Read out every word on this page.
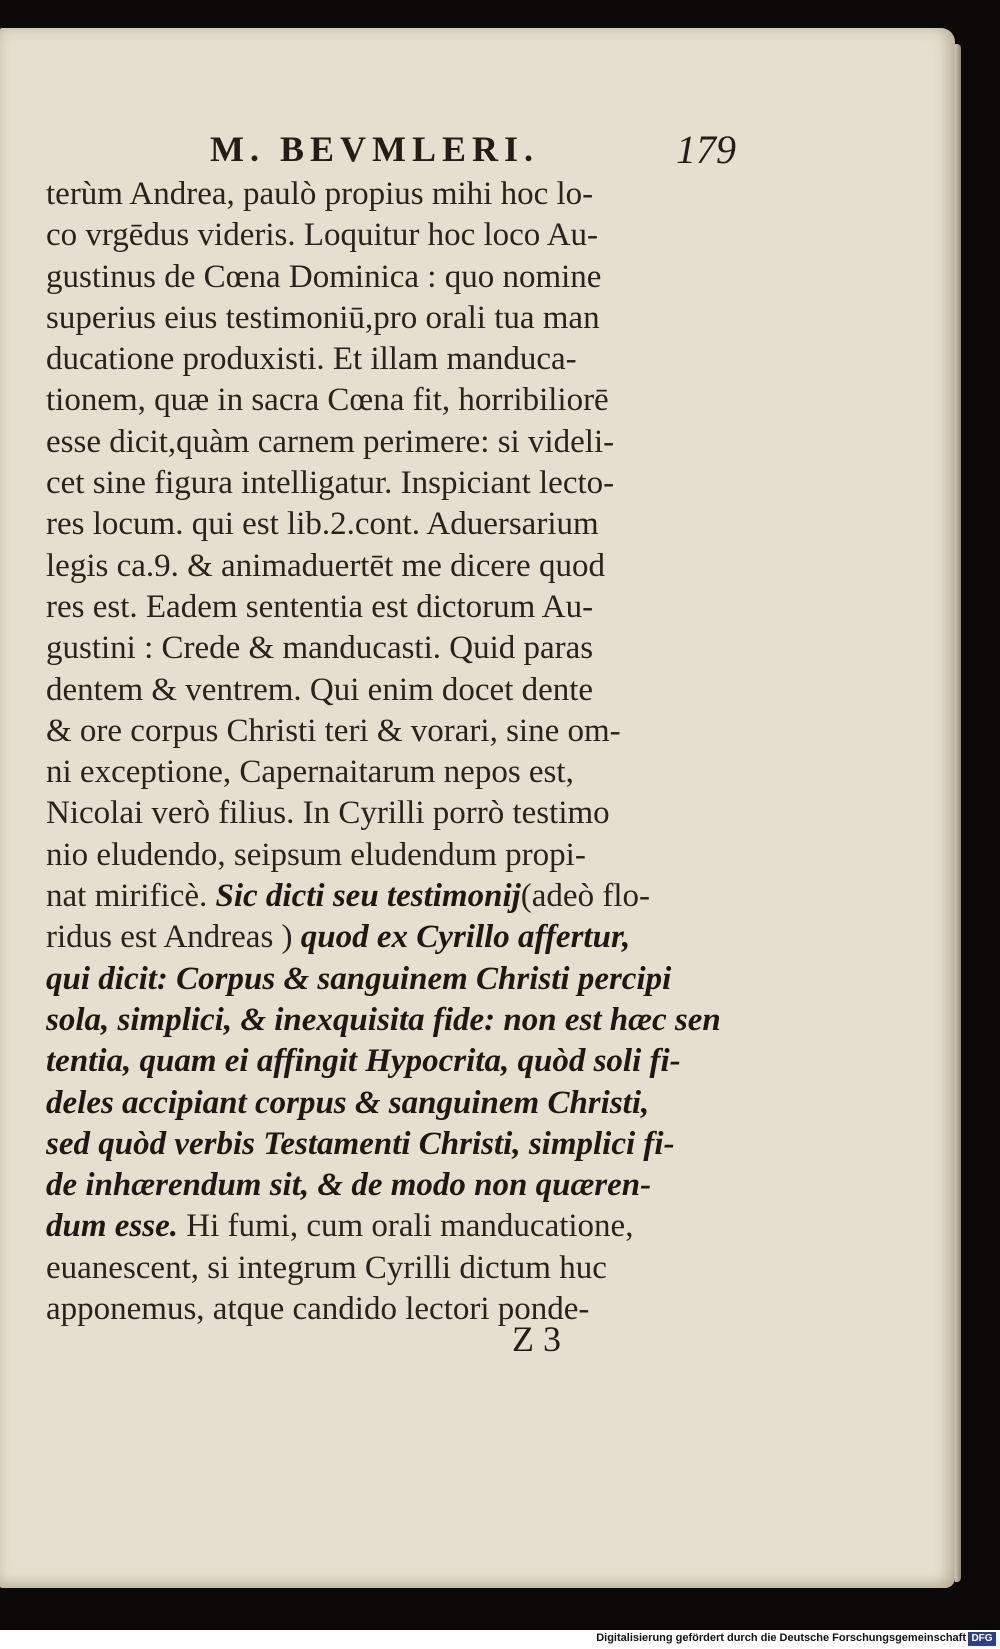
M. BEVMLERI.	179
terùm Andrea, paulò propius mihi hoc lo-
co vrgēdus videris. Loquitur hoc loco Au-
gustinus de Cœna Dominica : quo nomine
superius eius testimoniū,pro orali tua man
ducatione produxisti. Et illam manduca-
tionem, quæ in sacra Cœna fit, horribiliorē
esse dicit,quàm carnem perimere: si videli-
cet sine figura intelligatur. Inspiciant lecto-
res locum. qui est lib.2.cont. Aduersarium
legis ca.9. & animaduertēt me dicere quod
res est. Eadem sententia est dictorum Au-
gustini : Crede & manducasti. Quid paras
dentem & ventrem. Qui enim docet dente
& ore corpus Christi teri & vorari, sine om-
ni exceptione, Capernaitarum nepos est,
Nicolai verò filius. In Cyrilli porrò testimo
nio eludendo, seipsum eludendum propi-
nat mirificè. Sic dicti seu testimonij(adeò flo-
ridus est Andreas ) quod ex Cyrillo affertur,
qui dicit: Corpus & sanguinem Christi percipi
sola, simplici, & inexquisita fide: non est hæc sen
tentia, quam ei affingit Hypocrita, quòd soli fi-
deles accipiant corpus & sanguinem Christi,
sed quòd verbis Testamenti Christi, simplici fi-
de inhærendum sit, & de modo non quæren-
dum esse. Hi fumi, cum orali manducatione,
euanescent, si integrum Cyrilli dictum huc
apponemus, atque candido lectori ponde-
Z 3
Digitalisierung gefördert durch die Deutsche Forschungsgemeinschaft DFG
